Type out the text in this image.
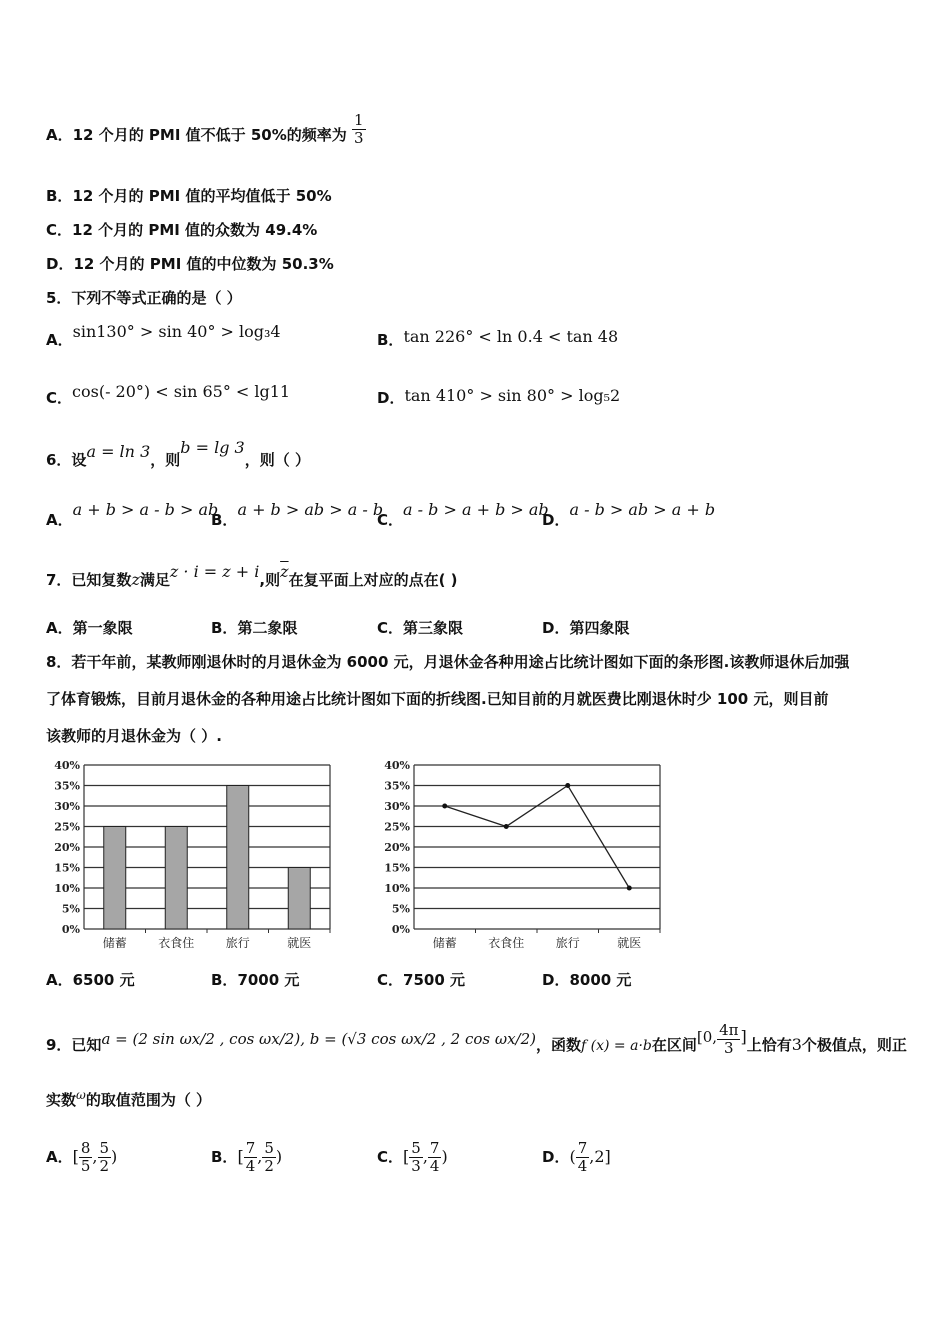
A．12 个月的 PMI 值不低于 50%的频率为 $\frac{1}{3}$
B．12 个月的 PMI 值的平均值低于 50%
C．12 个月的 PMI 值的众数为 49.4%
D．12 个月的 PMI 值的中位数为 50.3%
5．下列不等式正确的是（ ）
A．sin130° > sin 40° > log₃4	B．tan 226° < ln 0.4 < tan 48
C．cos(- 20°) < sin 65° < lg11	D．tan 410° > sin 80° > log₅2
6．设a = ln 3，则b = lg 3，则（ ）
A．a + b > a - b > ab
B．a + b > ab > a - b
C．a - b > a + b > ab
D．a - b > ab > a + b
7．已知复数z满足z · i = z + i,则$\overline{z}$在复平面上对应的点在( )
A．第一象限	B．第二象限	C．第三象限	D．第四象限
8．若干年前，某教师刚退休时的月退休金为 6000 元，月退休金各种用途占比统计图如下面的条形图.该教师退休后加强
了体育锻炼，目前月退休金的各种用途占比统计图如下面的折线图.已知目前的月就医费比刚退休时少 100 元，则目前
该教师的月退休金为（ ）.
0%
5%
10%
15%
20%
25%
30%
35%
40%
储蓄	衣食住	旅行	就医
0%
5%
10%
15%
20%
25%
30%
35%
40%
储蓄	衣食住	旅行	就医
A．6500 元	B．7000 元	C．7500 元	D．8000 元
9．已知a = (2 sin ωx/2 , cos ωx/2), b = (√3 cos ωx/2 , 2 cos ωx/2)，函数f (x) = a·b在区间[0, $\frac{4\pi}{3}$ ]上恰有3个极值点，则正
实数$^\omega$的取值范围为（ ）
A．[ $\frac{8}{5}$ , $\frac{5}{2}$ )	B．[ $\frac{7}{4}$ , $\frac{5}{2}$ )	C．[ $\frac{5}{3}$ , $\frac{7}{4}$ )	D．( $\frac{7}{4} ,2$]
